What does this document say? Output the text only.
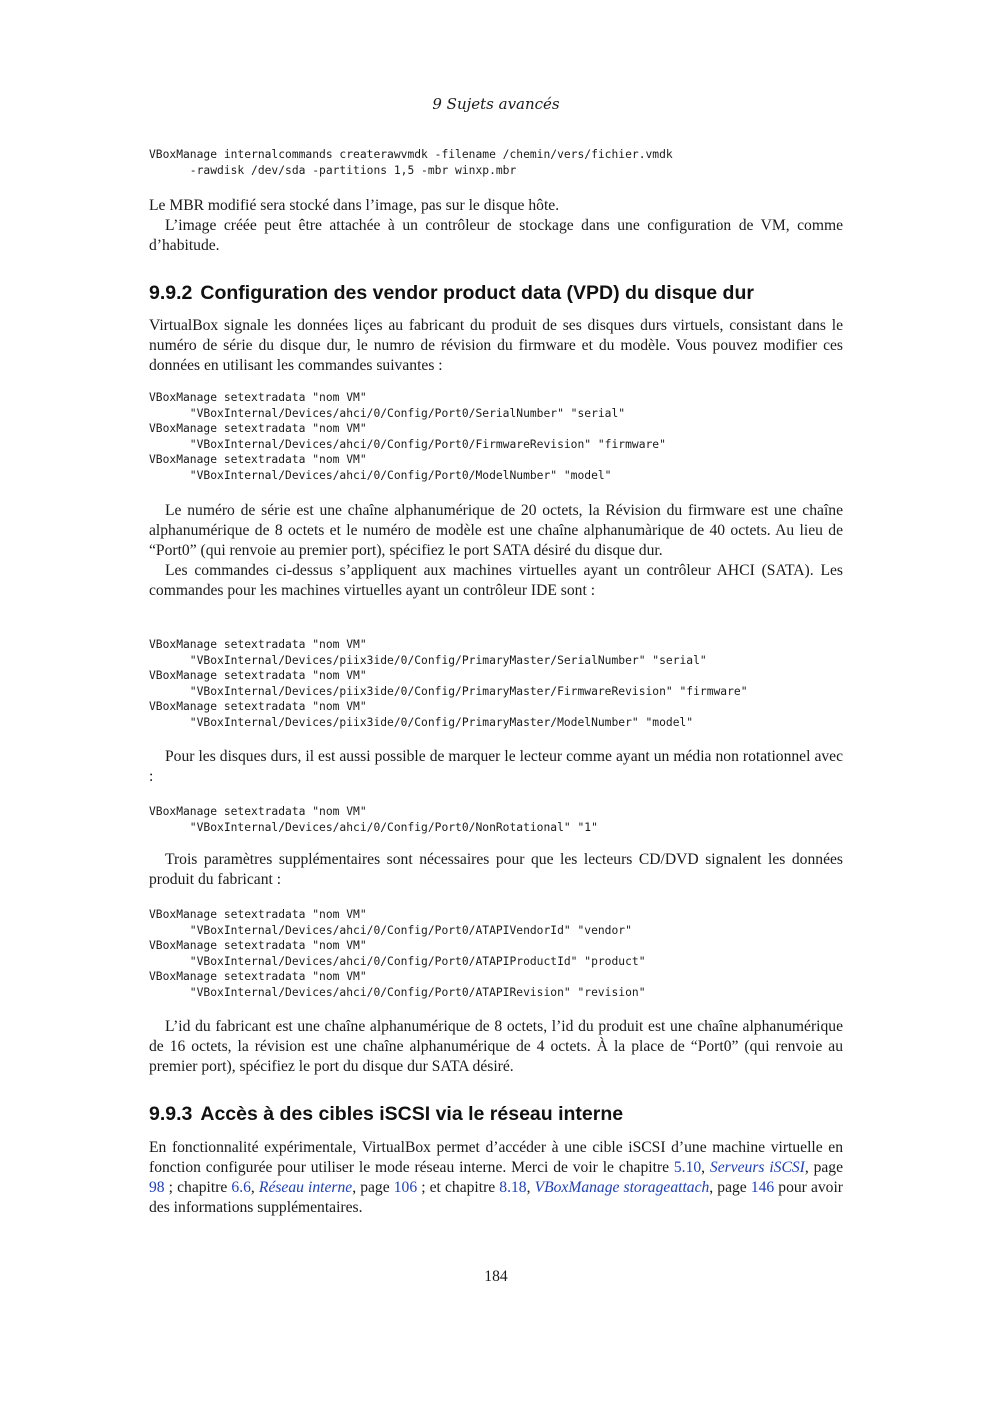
9 Sujets avancés
VBoxManage internalcommands createrawvmdk -filename /chemin/vers/fichier.vmdk
-rawdisk /dev/sda -partitions 1,5 -mbr winxp.mbr

Le MBR modifié sera stocké dans l’image, pas sur le disque hôte.

L’image créée peut être attachée à un contrôleur de stockage dans une configuration de VM, comme d’habitude.

9.9.2 Configuration des vendor product data (VPD) du disque dur

VirtualBox signale les données liçes au fabricant du produit de ses disques durs virtuels, consistant dans le numéro de série du disque dur, le numro de révision du firmware et du modèle. Vous pouvez modifier ces données en utilisant les commandes suivantes :

VBoxManage setextradata "nom VM"
"VBoxInternal/Devices/ahci/0/Config/Port0/SerialNumber" "serial"
VBoxManage setextradata "nom VM"
"VBoxInternal/Devices/ahci/0/Config/Port0/FirmwareRevision" "firmware"
VBoxManage setextradata "nom VM"
"VBoxInternal/Devices/ahci/0/Config/Port0/ModelNumber" "model"

Le numéro de série est une chaîne alphanumérique de 20 octets, la Révision du firmware est une chaîne alphanumérique de 8 octets et le numéro de modèle est une chaîne alphanumàrique de 40 octets. Au lieu de “Port0” (qui renvoie au premier port), spécifiez le port SATA désiré du disque dur.

Les commandes ci-dessus s’appliquent aux machines virtuelles ayant un contrôleur AHCI (SATA). Les commandes pour les machines virtuelles ayant un contrôleur IDE sont :

VBoxManage setextradata "nom VM"
"VBoxInternal/Devices/piix3ide/0/Config/PrimaryMaster/SerialNumber" "serial"
VBoxManage setextradata "nom VM"
"VBoxInternal/Devices/piix3ide/0/Config/PrimaryMaster/FirmwareRevision" "firmware"
VBoxManage setextradata "nom VM"
"VBoxInternal/Devices/piix3ide/0/Config/PrimaryMaster/ModelNumber" "model"

Pour les disques durs, il est aussi possible de marquer le lecteur comme ayant un média non rotationnel avec :

VBoxManage setextradata "nom VM"
"VBoxInternal/Devices/ahci/0/Config/Port0/NonRotational" "1"

Trois paramètres supplémentaires sont nécessaires pour que les lecteurs CD/DVD signalent les données produit du fabricant :

VBoxManage setextradata "nom VM"
"VBoxInternal/Devices/ahci/0/Config/Port0/ATAPIVendorId" "vendor"
VBoxManage setextradata "nom VM"
"VBoxInternal/Devices/ahci/0/Config/Port0/ATAPIProductId" "product"
VBoxManage setextradata "nom VM"
"VBoxInternal/Devices/ahci/0/Config/Port0/ATAPIRevision" "revision"

L’id du fabricant est une chaîne alphanumérique de 8 octets, l’id du produit est une chaîne alphanumérique de 16 octets, la révision est une chaîne alphanumérique de 4 octets. À la place de “Port0” (qui renvoie au premier port), spécifiez le port du disque dur SATA désiré.

9.9.3 Accès à des cibles iSCSI via le réseau interne

En fonctionnalité expérimentale, VirtualBox permet d’accéder à une cible iSCSI d’une machine virtuelle en fonction configurée pour utiliser le mode réseau interne. Merci de voir le chapitre 5.10, Serveurs iSCSI, page 98 ; chapitre 6.6, Réseau interne, page 106 ; et chapitre 8.18, VBoxManage storageattach, page 146 pour avoir des informations supplémentaires.

184
